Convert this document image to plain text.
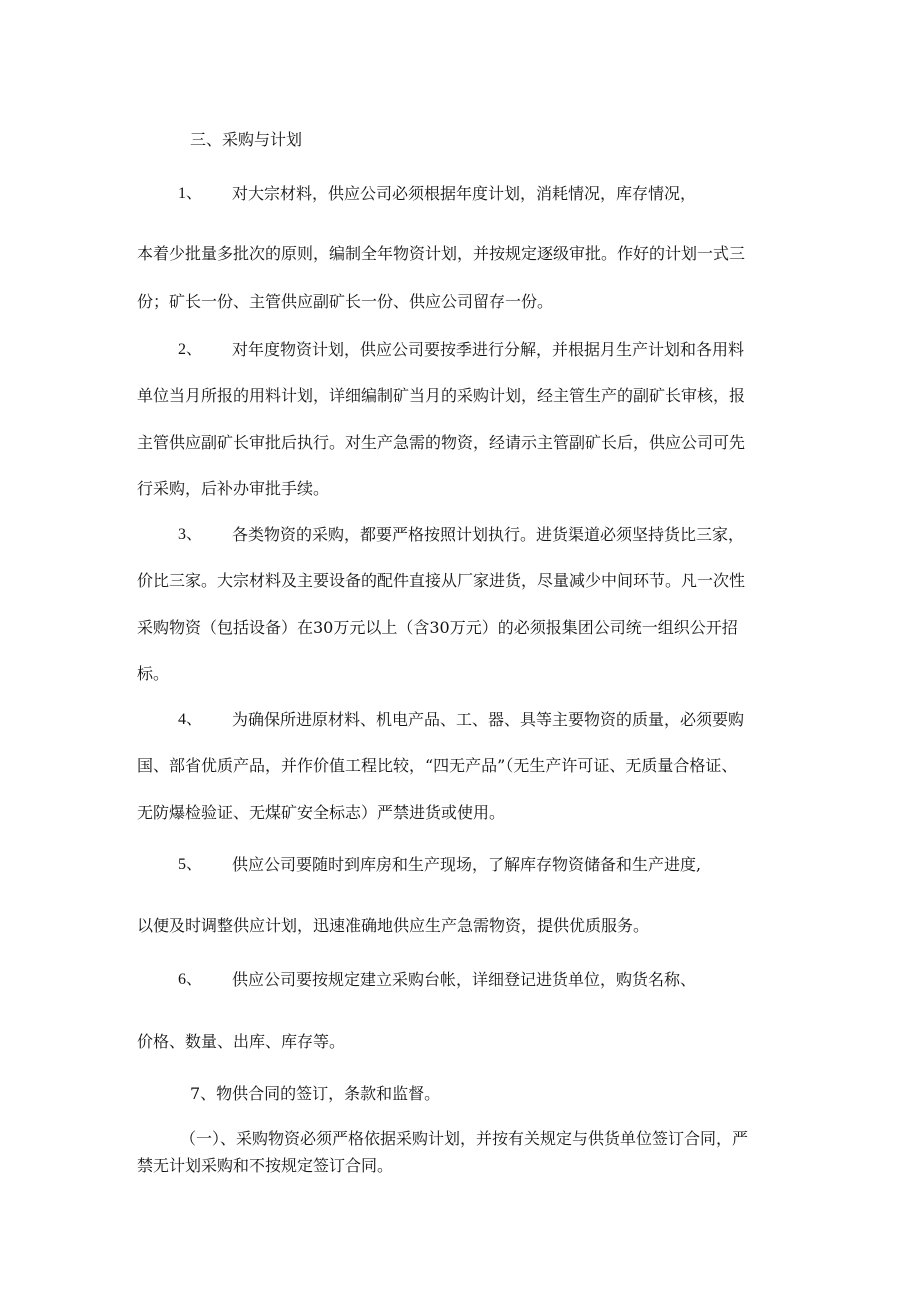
三、采购与计划
1、 对大宗材料，供应公司必须根据年度计划，消耗情况，库存情况，
本着少批量多批次的原则，编制全年物资计划，并按规定逐级审批。作好的计划一式三
份；矿长一份、主管供应副矿长一份、供应公司留存一份。
2、 对年度物资计划，供应公司要按季进行分解，并根据月生产计划和各用料
单位当月所报的用料计划，详细编制矿当月的采购计划，经主管生产的副矿长审核，报
主管供应副矿长审批后执行。对生产急需的物资，经请示主管副矿长后，供应公司可先
行采购，后补办审批手续。
3、 各类物资的采购，都要严格按照计划执行。进货渠道必须坚持货比三家，
价比三家。大宗材料及主要设备的配件直接从厂家进货，尽量减少中间环节。凡一次性
采购物资（包括设备）在30万元以上（含30万元）的必须报集团公司统一组织公开招
标。
4、 为确保所进原材料、机电产品、工、器、具等主要物资的质量，必须要购
国、部省优质产品，并作价值工程比较，“四无产品”（无生产许可证、无质量合格证、
无防爆检验证、无煤矿安全标志）严禁进货或使用。
5、 供应公司要随时到库房和生产现场，了解库存物资储备和生产进度,
以便及时调整供应计划，迅速准确地供应生产急需物资，提供优质服务。
6、 供应公司要按规定建立采购台帐，详细登记进货单位，购货名称、
价格、数量、出库、库存等。
7、物供合同的签订，条款和监督。
（一）、采购物资必须严格依据采购计划，并按有关规定与供货单位签订合同，严
禁无计划采购和不按规定签订合同。
